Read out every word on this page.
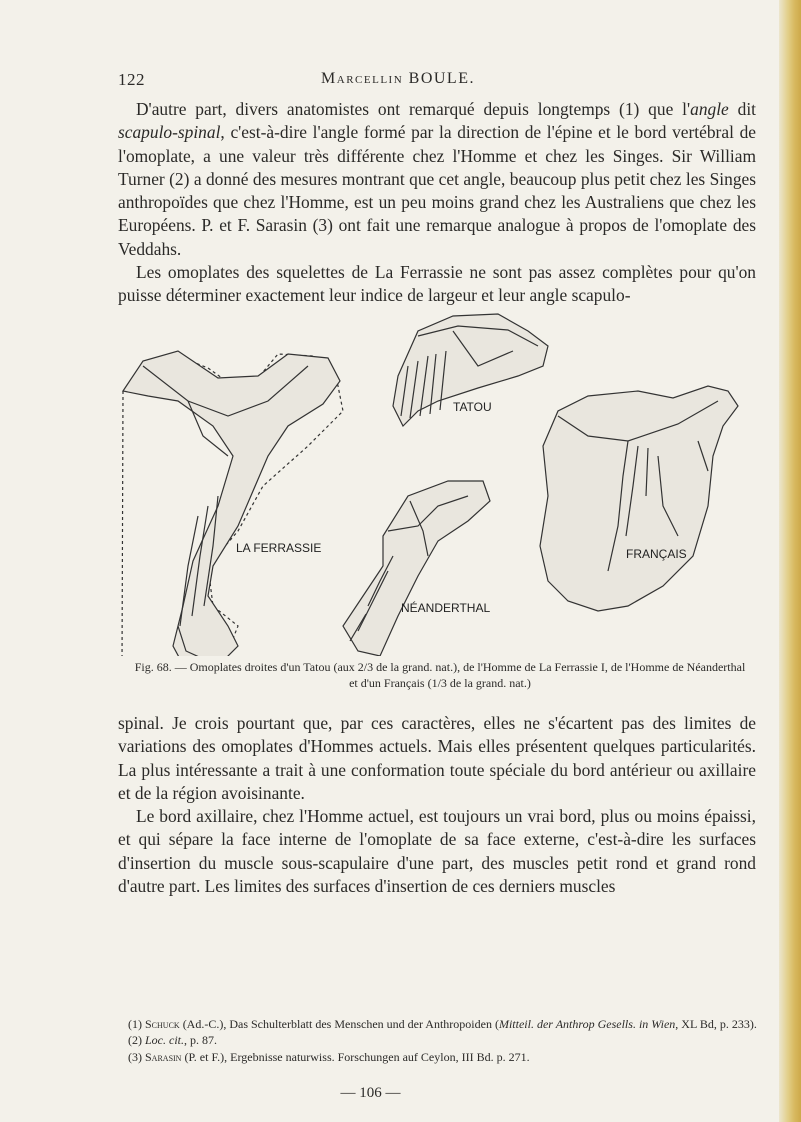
122	Marcellin BOULE.

D'autre part, divers anatomistes ont remarqué depuis longtemps (1) que l'angle dit scapulo-spinal, c'est-à-dire l'angle formé par la direction de l'épine et le bord vertébral de l'omoplate, a une valeur très différente chez l'Homme et chez les Singes. Sir William Turner (2) a donné des mesures montrant que cet angle, beaucoup plus petit chez les Singes anthropoïdes que chez l'Homme, est un peu moins grand chez les Australiens que chez les Européens. P. et F. Sarasin (3) ont fait une remarque analogue à propos de l'omoplate des Veddahs.

Les omoplates des squelettes de La Ferrassie ne sont pas assez complètes pour qu'on puisse déterminer exactement leur indice de largeur et leur angle scapulo-

TATOU
LA FERRASSIE
NÉANDERTHAL
FRANÇAIS
Fig. 68. — Omoplates droites d'un Tatou (aux 2/3 de la grand. nat.), de l'Homme de La Ferrassie I, de l'Homme de Néanderthal et d'un Français (1/3 de la grand. nat.)

spinal. Je crois pourtant que, par ces caractères, elles ne s'écartent pas des limites de variations des omoplates d'Hommes actuels. Mais elles présentent quelques particularités. La plus intéressante a trait à une conformation toute spéciale du bord antérieur ou axillaire et de la région avoisinante.

Le bord axillaire, chez l'Homme actuel, est toujours un vrai bord, plus ou moins épaissi, et qui sépare la face interne de l'omoplate de sa face externe, c'est-à-dire les surfaces d'insertion du muscle sous-scapulaire d'une part, des muscles petit rond et grand rond d'autre part. Les limites des surfaces d'insertion de ces derniers muscles

(1) Schuck (Ad.-C.), Das Schulterblatt des Menschen und der Anthropoiden (Mitteil. der Anthrop Gesells. in Wien, XL Bd, p. 233).
(2) Loc. cit., p. 87.
(3) Sarasin (P. et F.), Ergebnisse naturwiss. Forschungen auf Ceylon, III Bd. p. 271.
— 106 —
